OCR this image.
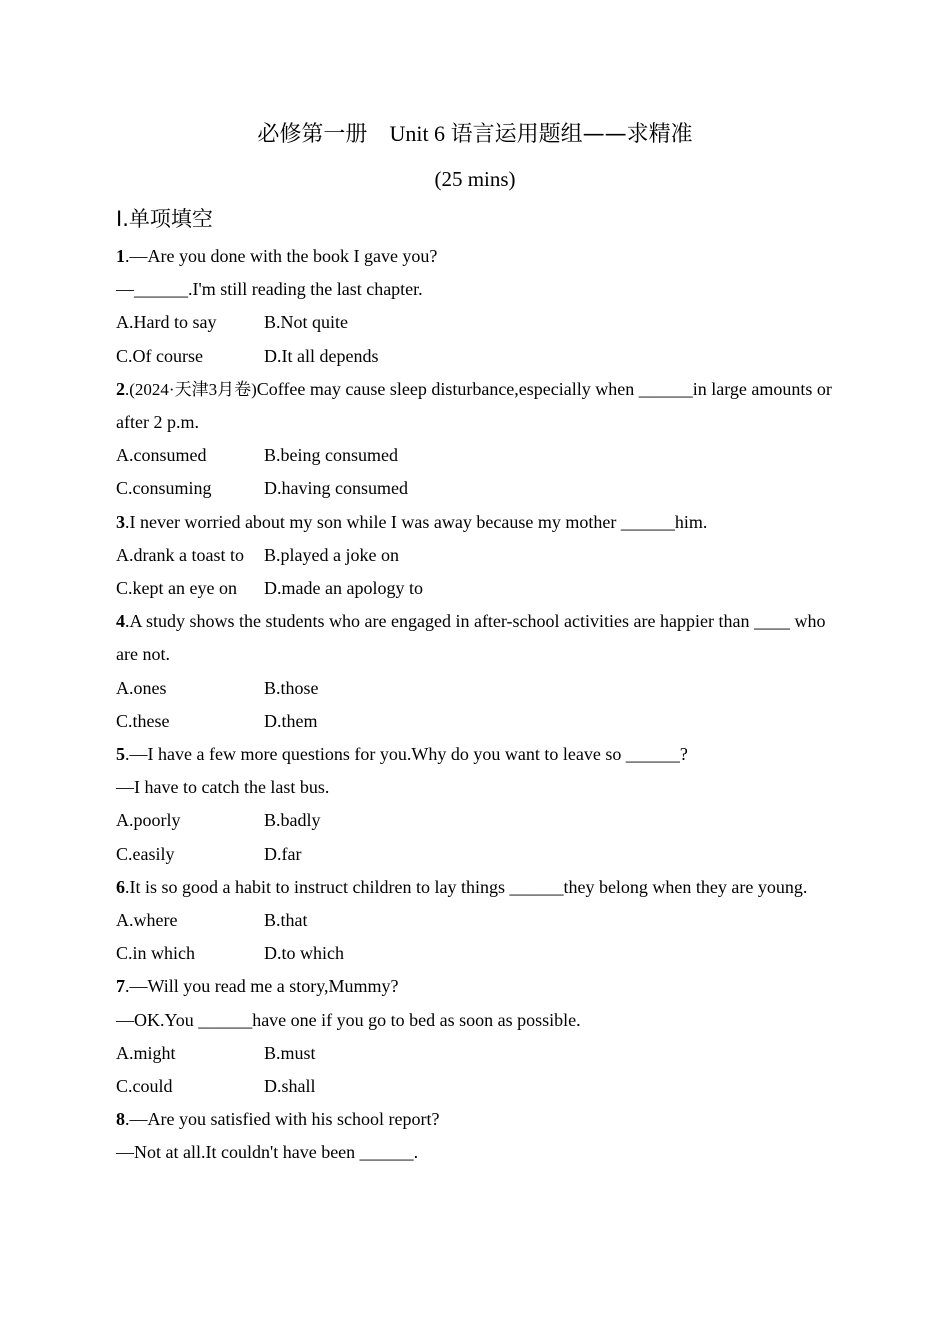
必修第一册 Unit 6 语言运用题组——求精准
(25 mins)
Ⅰ.单项填空
1.—Are you done with the book I gave you?
—______.I'm still reading the last chapter.
A.Hard to say	B.Not quite
C.Of course	D.It all depends
2.(2024·天津3月卷)Coffee may cause sleep disturbance,especially when ______in large amounts or after 2 p.m.
A.consumed	B.being consumed
C.consuming	D.having consumed
3.I never worried about my son while I was away because my mother ______him.
A.drank a toast to	B.played a joke on
C.kept an eye on	D.made an apology to
4.A study shows the students who are engaged in after-school activities are happier than ____ who are not.
A.ones	B.those
C.these	D.them
5.—I have a few more questions for you.Why do you want to leave so ______?
—I have to catch the last bus.
A.poorly	B.badly
C.easily	D.far
6.It is so good a habit to instruct children to lay things ______they belong when they are young.
A.where	B.that
C.in which	D.to which
7.—Will you read me a story,Mummy?
—OK.You ______have one if you go to bed as soon as possible.
A.might	B.must
C.could	D.shall
8.—Are you satisfied with his school report?
—Not at all.It couldn't have been ______.
